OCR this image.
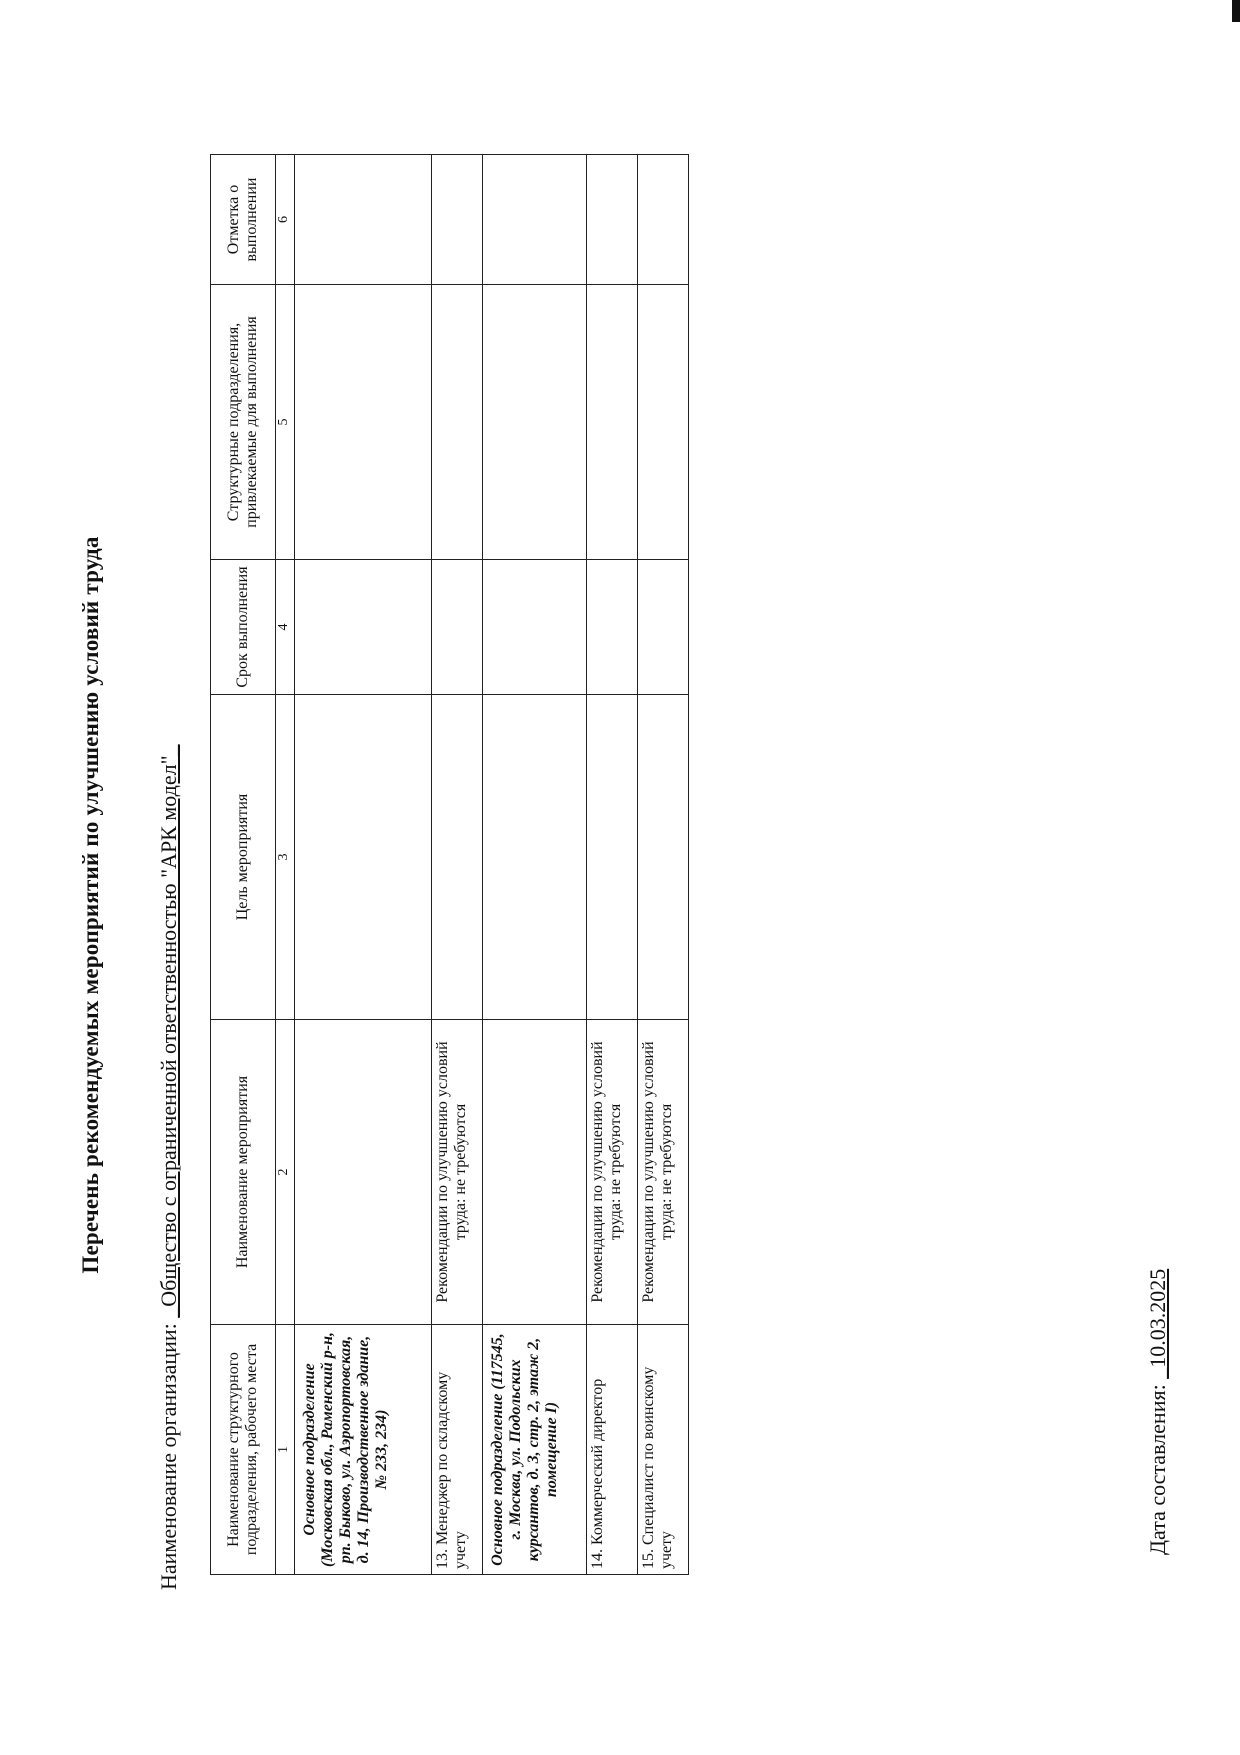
Перечень рекомендуемых мероприятий по улучшению условий труда
Наименование организации: _Общество с ограниченной ответственностью "АРК модел"_
Наименование структурного подразделения, рабочего места	Наименование мероприятия	Цель мероприятия	Срок выполнения	Структурные подразделения, привлекаемые для выполнения	Отметка о выполнении
1	2	3	4	5	6
Основное подразделение (Московская обл., Раменский р-н, рп. Быково, ул. Аэропортовская, д. 14, Производственное здание, № 233, 234)					
13. Менеджер по складскому учету	Рекомендации по улучшению условий труда: не требуются				
Основное подразделение (117545, г. Москва, ул. Подольских курсантов, д. 3, стр. 2, этаж 2, помещение I)					
14. Коммерческий директор	Рекомендации по улучшению условий труда: не требуются				
15. Специалист по воинскому учету	Рекомендации по улучшению условий труда: не требуются				
Дата составления: _10.03.2025
